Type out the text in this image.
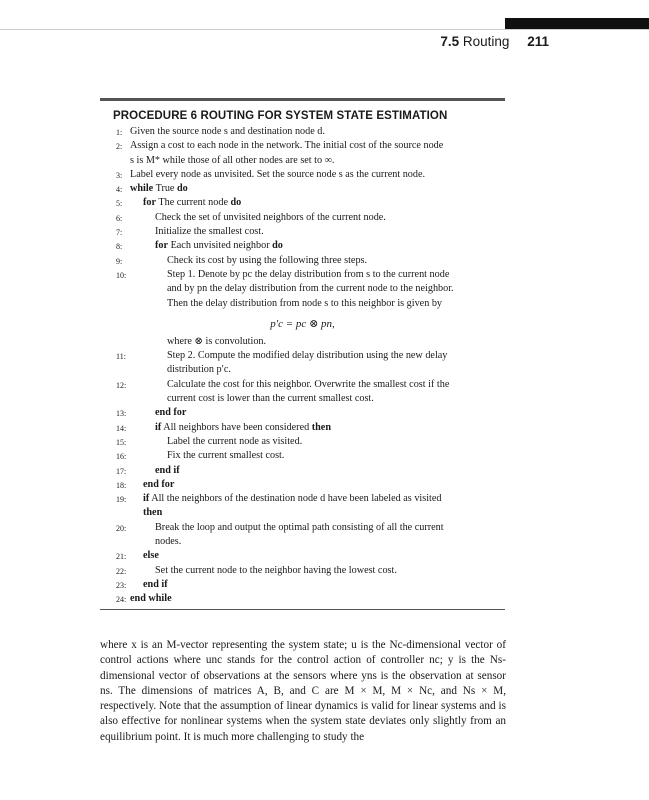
7.5 Routing 211
PROCEDURE 6 ROUTING FOR SYSTEM STATE ESTIMATION
1: Given the source node s and destination node d.
2: Assign a cost to each node in the network. The initial cost of the source node
s is M* while those of all other nodes are set to ∞.
3: Label every node as unvisited. Set the source node s as the current node.
4: while True do
5:	for The current node do
6:	Check the set of unvisited neighbors of the current node.
7:	Initialize the smallest cost.
8:	for Each unvisited neighbor do
9:	Check its cost by using the following three steps.
10:	Step 1. Denote by pc the delay distribution from s to the current node
and by pn the delay distribution from the current node to the neighbor.
Then the delay distribution from node s to this neighbor is given by
p′c = pc ⊗ pn,
where ⊗ is convolution.
11:	Step 2. Compute the modified delay distribution using the new delay
distribution p′c.
12:	Calculate the cost for this neighbor. Overwrite the smallest cost if the
current cost is lower than the current smallest cost.
13:	end for
14:	if All neighbors have been considered then
15:	Label the current node as visited.
16:	Fix the current smallest cost.
17:	end if
18:	end for
19:	if All the neighbors of the destination node d have been labeled as visited
then
20:	Break the loop and output the optimal path consisting of all the current
nodes.
21:	else
22:	Set the current node to the neighbor having the lowest cost.
23:	end if
24: end while
where x is an M-vector representing the system state; u is the Nc-dimensional vector of control actions where unc stands for the control action of controller nc; y is the Ns-dimensional vector of observations at the sensors where yns is the observation at sensor ns. The dimensions of matrices A, B, and C are M × M, M × Nc, and Ns × M, respectively. Note that the assumption of linear dynamics is valid for linear systems and is also effective for nonlinear systems when the system state deviates only slightly from an equilibrium point. It is much more challenging to study the
